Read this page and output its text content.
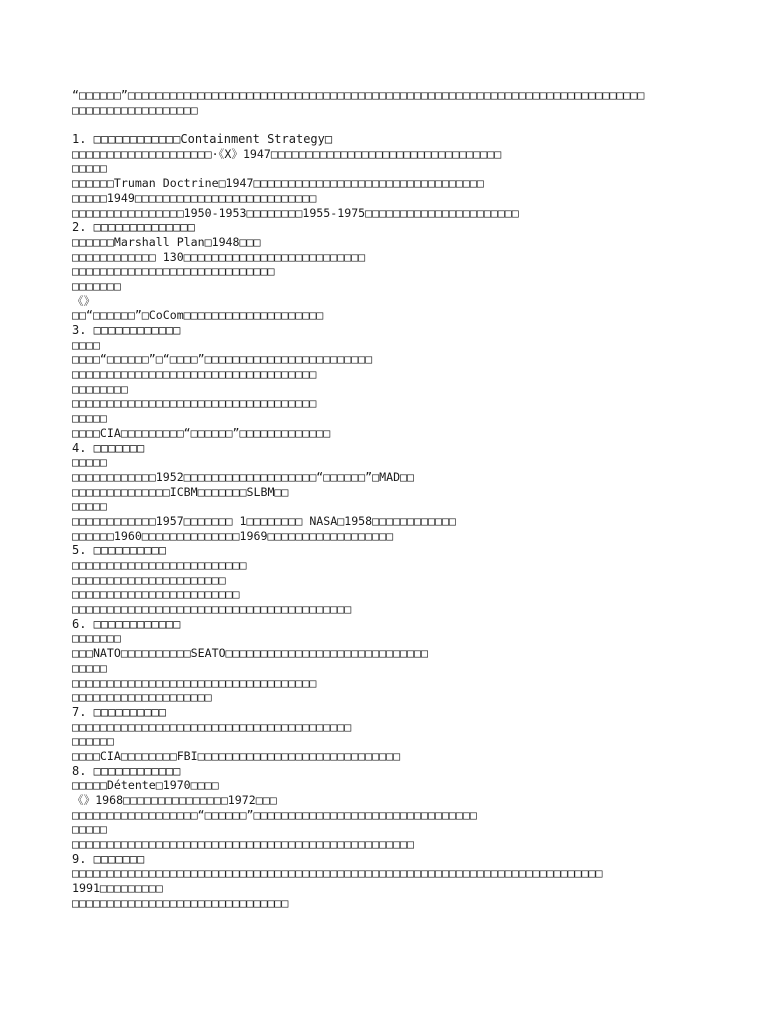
“□□□□□□”□□□□□□□□□□□□□□□□□□□□□□□□□□□□□□□□□□□□□□□□□□□□□□□□□□□□□□□□□□□□□□□□□□□□□□□□□□
□□□□□□□□□□□□□□□□□□
1. □□□□□□□□□□□□Containment Strategy□
□□□□□□□□□□□□□□□□□□□□·《X》1947□□□□□□□□□□□□□□□□□□□□□□□□□□□□□□□□□
□□□□□
□□□□□□Truman Doctrine□1947□□□□□□□□□□□□□□□□□□□□□□□□□□□□□□□□□
□□□□□1949□□□□□□□□□□□□□□□□□□□□□□□□□□
□□□□□□□□□□□□□□□□1950-1953□□□□□□□□1955-1975□□□□□□□□□□□□□□□□□□□□□□
2. □□□□□□□□□□□□□□
□□□□□□Marshall Plan□1948□□□
□□□□□□□□□□□□ 130□□□□□□□□□□□□□□□□□□□□□□□□□□
□□□□□□□□□□□□□□□□□□□□□□□□□□□□□
□□□□□□□
《》
□□“□□□□□□”□CoCom□□□□□□□□□□□□□□□□□□□□
3. □□□□□□□□□□□□
□□□□
□□□□“□□□□□□”□“□□□□”□□□□□□□□□□□□□□□□□□□□□□□□
□□□□□□□□□□□□□□□□□□□□□□□□□□□□□□□□□□□
□□□□□□□□
□□□□□□□□□□□□□□□□□□□□□□□□□□□□□□□□□□□
□□□□□
□□□□CIA□□□□□□□□□“□□□□□□”□□□□□□□□□□□□□
4. □□□□□□□
□□□□□
□□□□□□□□□□□□1952□□□□□□□□□□□□□□□□□□□“□□□□□□”□MAD□□
□□□□□□□□□□□□□□ICBM□□□□□□□SLBM□□
□□□□□
□□□□□□□□□□□□1957□□□□□□□ 1□□□□□□□□ NASA□1958□□□□□□□□□□□□
□□□□□□1960□□□□□□□□□□□□□□1969□□□□□□□□□□□□□□□□□□
5. □□□□□□□□□□
□□□□□□□□□□□□□□□□□□□□□□□□□
□□□□□□□□□□□□□□□□□□□□□□
□□□□□□□□□□□□□□□□□□□□□□□□
□□□□□□□□□□□□□□□□□□□□□□□□□□□□□□□□□□□□□□□□
6. □□□□□□□□□□□□
□□□□□□□
□□□NATO□□□□□□□□□□SEATO□□□□□□□□□□□□□□□□□□□□□□□□□□□□□
□□□□□
□□□□□□□□□□□□□□□□□□□□□□□□□□□□□□□□□□□
□□□□□□□□□□□□□□□□□□□□
7. □□□□□□□□□□
□□□□□□□□□□□□□□□□□□□□□□□□□□□□□□□□□□□□□□□□
□□□□□□
□□□□CIA□□□□□□□□FBI□□□□□□□□□□□□□□□□□□□□□□□□□□□□□
8. □□□□□□□□□□□□
□□□□□Détente□1970□□□□
《》1968□□□□□□□□□□□□□□□1972□□□
□□□□□□□□□□□□□□□□□□“□□□□□□”□□□□□□□□□□□□□□□□□□□□□□□□□□□□□□□□
□□□□□
□□□□□□□□□□□□□□□□□□□□□□□□□□□□□□□□□□□□□□□□□□□□□□□□□
9. □□□□□□□
□□□□□□□□□□□□□□□□□□□□□□□□□□□□□□□□□□□□□□□□□□□□□□□□□□□□□□□□□□□□□□□□□□□□□□□□□□□□
1991□□□□□□□□□
□□□□□□□□□□□□□□□□□□□□□□□□□□□□□□□
